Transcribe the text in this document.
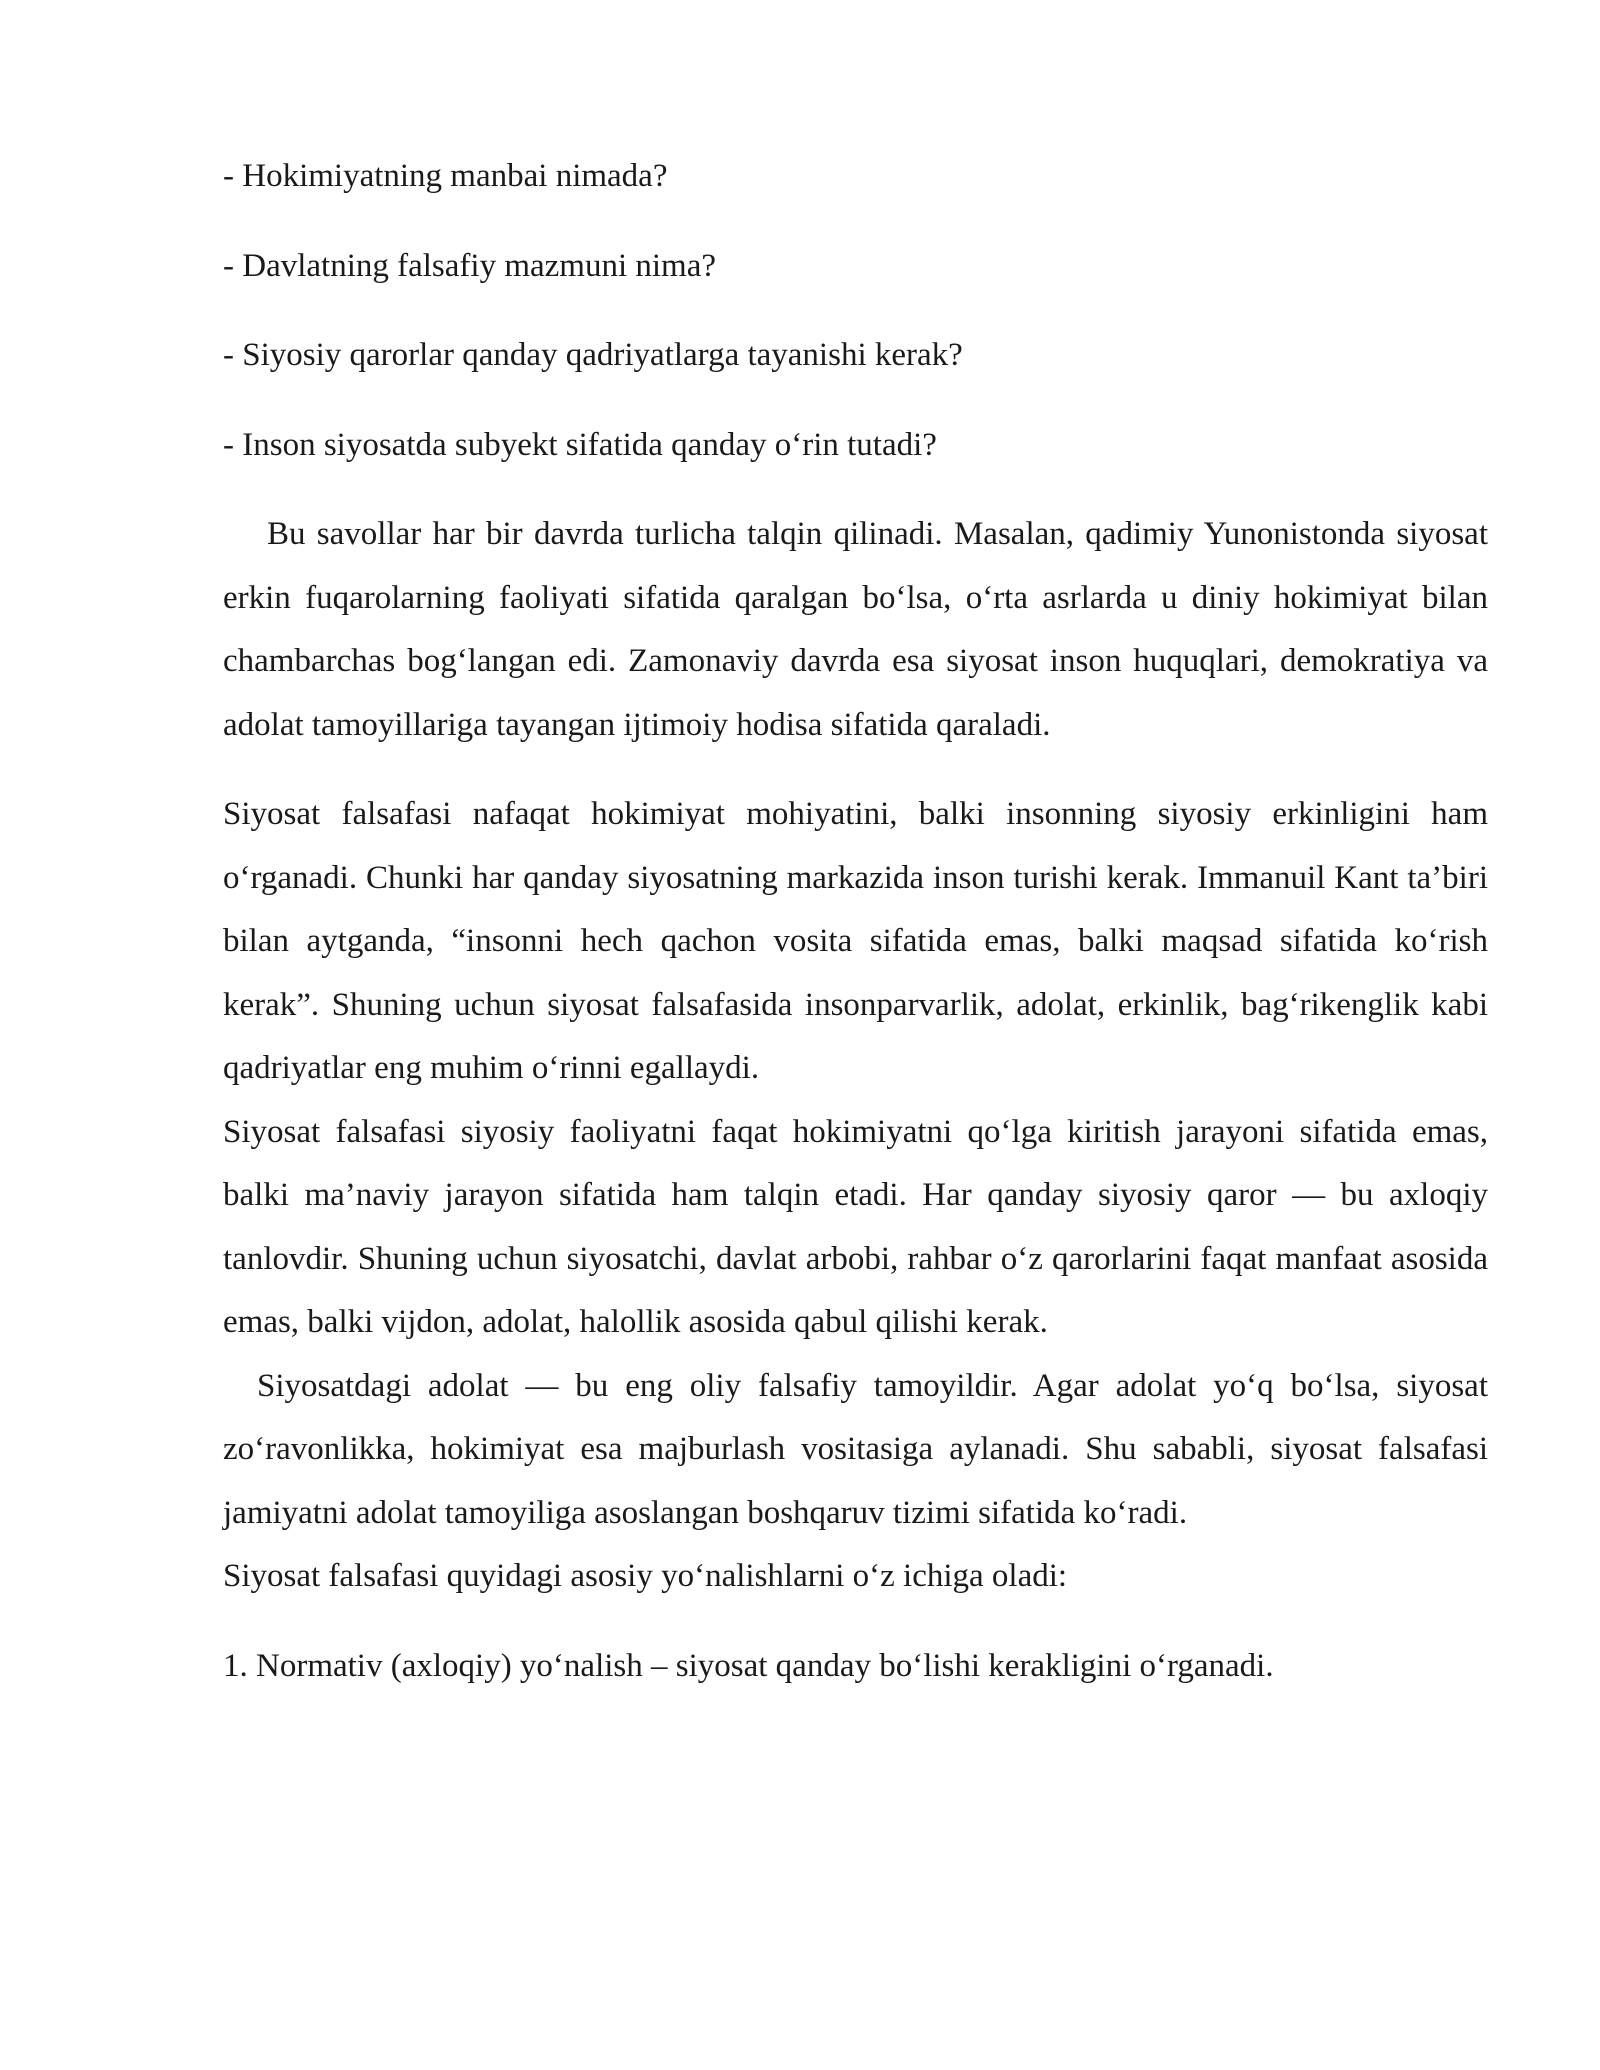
- Hokimiyatning manbai nimada?
- Davlatning falsafiy mazmuni nima?
- Siyosiy qarorlar qanday qadriyatlarga tayanishi kerak?
- Inson siyosatda subyekt sifatida qanday o‘rin tutadi?

Bu savollar har bir davrda turlicha talqin qilinadi. Masalan, qadimiy Yunonistonda siyosat erkin fuqarolarning faoliyati sifatida qaralgan bo‘lsa, o‘rta asrlarda u diniy hokimiyat bilan chambarchas bog‘langan edi. Zamonaviy davrda esa siyosat inson huquqlari, demokratiya va adolat tamoyillariga tayangan ijtimoiy hodisa sifatida qaraladi.

Siyosat falsafasi nafaqat hokimiyat mohiyatini, balki insonning siyosiy erkinligini ham o‘rganadi. Chunki har qanday siyosatning markazida inson turishi kerak. Immanuil Kant ta’biri bilan aytganda, “insonni hech qachon vosita sifatida emas, balki maqsad sifatida ko‘rish kerak”. Shuning uchun siyosat falsafasida insonparvarlik, adolat, erkinlik, bag‘rikenglik kabi qadriyatlar eng muhim o‘rinni egallaydi.

Siyosat falsafasi siyosiy faoliyatni faqat hokimiyatni qo‘lga kiritish jarayoni sifatida emas, balki ma’naviy jarayon sifatida ham talqin etadi. Har qanday siyosiy qaror — bu axloqiy tanlovdir. Shuning uchun siyosatchi, davlat arbobi, rahbar o‘z qarorlarini faqat manfaat asosida emas, balki vijdon, adolat, halollik asosida qabul qilishi kerak.

Siyosatdagi adolat — bu eng oliy falsafiy tamoyildir. Agar adolat yo‘q bo‘lsa, siyosat zo‘ravonlikka, hokimiyat esa majburlash vositasiga aylanadi. Shu sababli, siyosat falsafasi jamiyatni adolat tamoyiliga asoslangan boshqaruv tizimi sifatida ko‘radi.

Siyosat falsafasi quyidagi asosiy yo‘nalishlarni o‘z ichiga oladi:
1. Normativ (axloqiy) yo‘nalish – siyosat qanday bo‘lishi kerakligini o‘rganadi.
